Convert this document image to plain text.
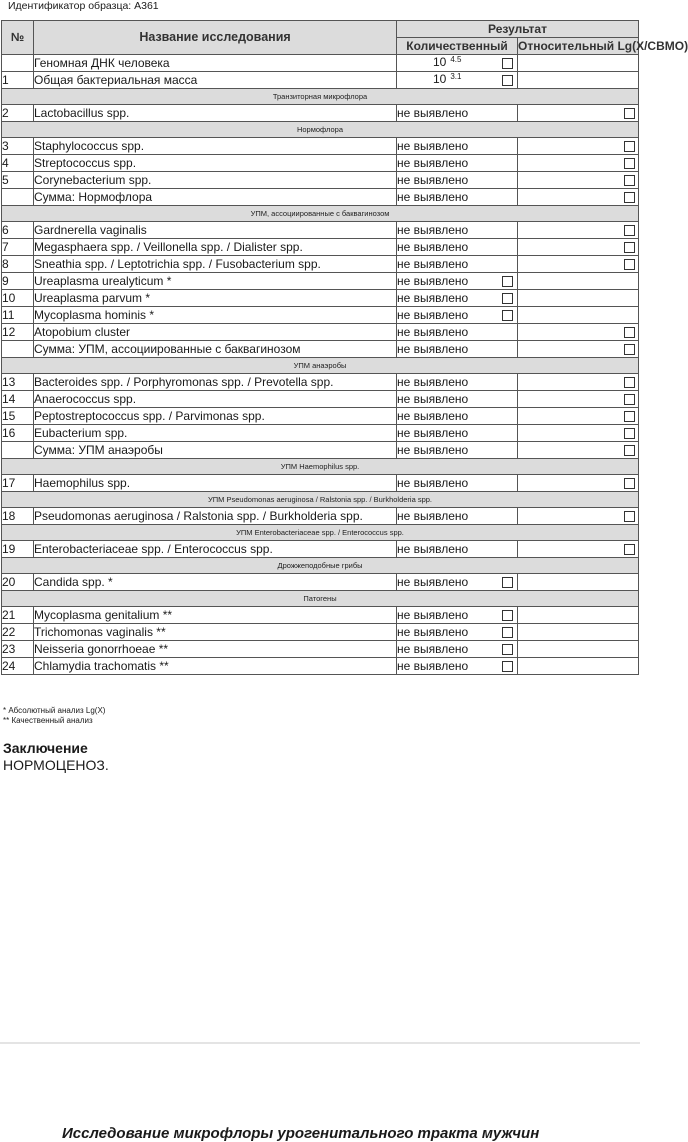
Идентификатор образца: А361
№	Название исследования	Результат	
		Количественный	Относительный Lg(X/СВМО)
	Геномная ДНК человека	10 $^{4.5}$

1	Общая бактериальная масса	10 $^{3.1}$

Транзиторная микрофлора			
2	Lactobacillus spp.	не выявлено	

Нормофлора			
3	Staphylococcus spp.	не выявлено	

4	Streptococcus spp.	не выявлено	

5	Corynebacterium spp.	не выявлено	

	Сумма: Нормофлора	не выявлено	

УПМ, ассоциированные с баквагинозом			
6	Gardnerella vaginalis	не выявлено	

7	Megasphaera spp. / Veillonella spp. / Dialister spp.	не выявлено	

8	Sneathia spp. / Leptotrichia spp. / Fusobacterium spp.	не выявлено	

9	Ureaplasma urealyticum *	не выявлено

10	Ureaplasma parvum *	не выявлено

11	Mycoplasma hominis *	не выявлено

12	Atopobium cluster	не выявлено	

	Сумма: УПМ, ассоциированные с баквагинозом	не выявлено	

УПМ анаэробы			
13	Bacteroides spp. / Porphyromonas spp. / Prevotella spp.	не выявлено	

14	Anaerococcus spp.	не выявлено	

15	Peptostreptococcus spp. / Parvimonas spp.	не выявлено	

16	Eubacterium spp.	не выявлено	

	Сумма: УПМ анаэробы	не выявлено	

УПМ Haemophilus spp.			
17	Haemophilus spp.	не выявлено	

УПМ Pseudomonas aeruginosa / Ralstonia spp. / Burkholderia spp.			
18	Pseudomonas aeruginosa / Ralstonia spp. / Burkholderia spp.	не выявлено	

УПМ Enterobacteriaceae spp. / Enterococcus spp.			
19	Enterobacteriaceae spp. / Enterococcus spp.	не выявлено	

Дрожжеподобные грибы			
20	Candida spp. *	не выявлено

Патогены			
21	Mycoplasma genitalium **	не выявлено

22	Trichomonas vaginalis **	не выявлено

23	Neisseria gonorrhoeae **	не выявлено

24	Chlamydia trachomatis **	не выявлено

* Абсолютный анализ Lg(X)
** Качественный анализ
Заключение
НОРМОЦЕНОЗ.
Исследование микрофлоры урогенитального тракта мужчин
